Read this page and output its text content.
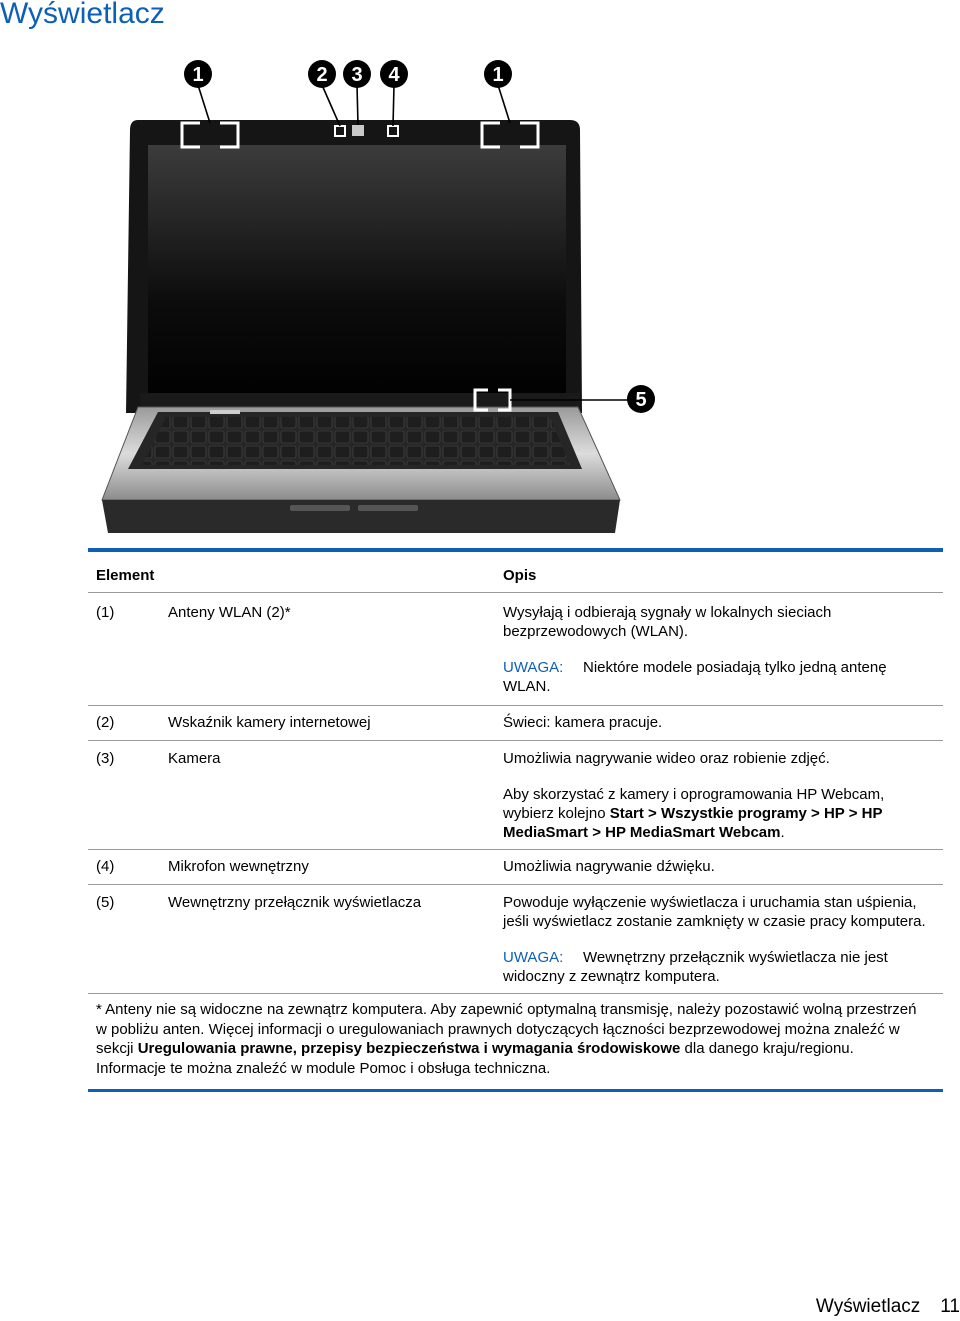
Wyświetlacz
1	2 3 4	1
5
Element	Opis
(1)	Anteny WLAN (2)*	Wysyłają i odbierają sygnały w lokalnych sieciach
bezprzewodowych (WLAN).
UWAGA: Niektóre modele posiadają tylko jedną antenę
WLAN.
(2)	Wskaźnik kamery internetowej	Świeci: kamera pracuje.
(3)	Kamera	Umożliwia nagrywanie wideo oraz robienie zdjęć.
Aby skorzystać z kamery i oprogramowania HP Webcam,
wybierz kolejno Start > Wszystkie programy > HP > HP
MediaSmart > HP MediaSmart Webcam.
(4)	Mikrofon wewnętrzny	Umożliwia nagrywanie dźwięku.
(5)	Wewnętrzny przełącznik wyświetlacza	Powoduje wyłączenie wyświetlacza i uruchamia stan uśpienia,
jeśli wyświetlacz zostanie zamknięty w czasie pracy komputera.
UWAGA: Wewnętrzny przełącznik wyświetlacza nie jest
widoczny z zewnątrz komputera.
* Anteny nie są widoczne na zewnątrz komputera. Aby zapewnić optymalną transmisję, należy pozostawić wolną przestrzeń
w pobliżu anten. Więcej informacji o uregulowaniach prawnych dotyczących łączności bezprzewodowej można znaleźć w
sekcji Uregulowania prawne, przepisy bezpieczeństwa i wymagania środowiskowe dla danego kraju/regionu.
Informacje te można znaleźć w module Pomoc i obsługa techniczna.
Wyświetlacz 11
